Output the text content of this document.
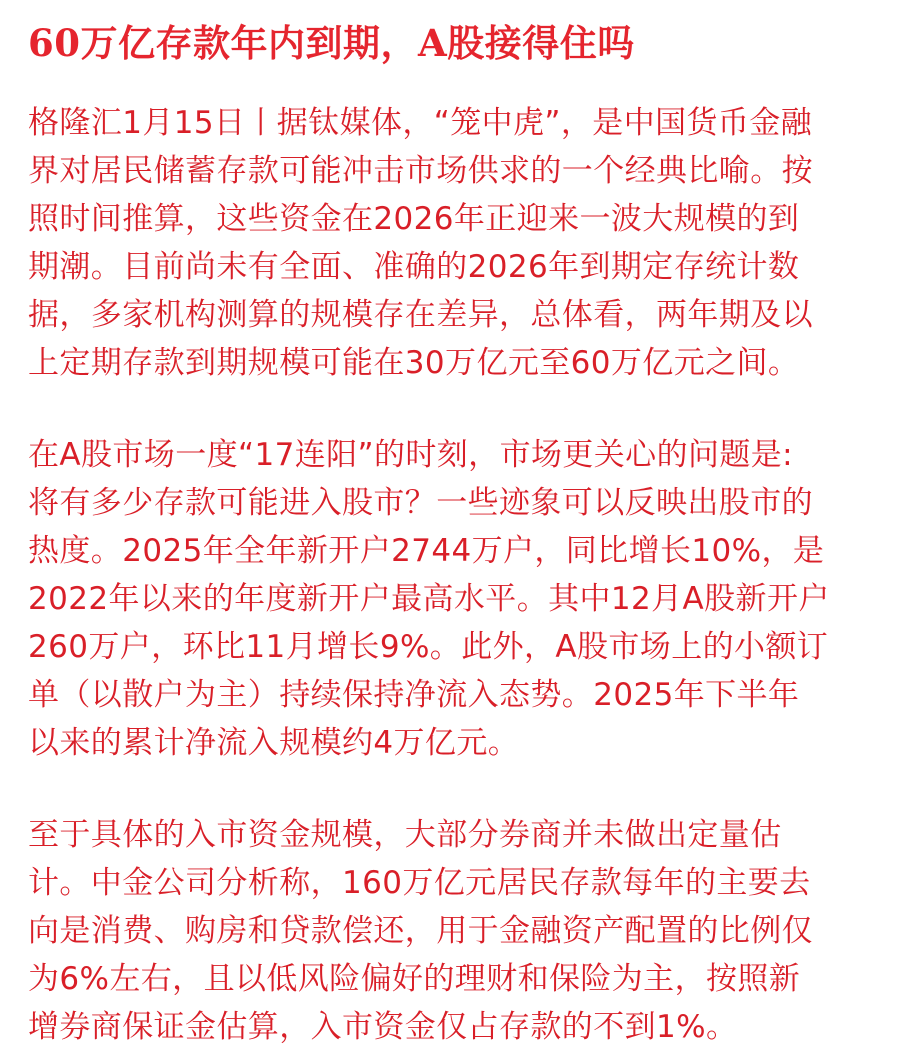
60万亿存款年内到期，A股接得住吗

格隆汇1月15日丨据钛媒体，“笼中虎”，是中国货币金融
界对居民储蓄存款可能冲击市场供求的一个经典比喻。按
照时间推算，这些资金在2026年正迎来一波大规模的到
期潮。目前尚未有全面、准确的2026年到期定存统计数
据，多家机构测算的规模存在差异，总体看，两年期及以
上定期存款到期规模可能在30万亿元至60万亿元之间。

在A股市场一度“17连阳”的时刻，市场更关心的问题是:
将有多少存款可能进入股市？一些迹象可以反映出股市的
热度。2025年全年新开户2744万户，同比增长10%，是
2022年以来的年度新开户最高水平。其中12月A股新开户
260万户，环比11月增长9%。此外，A股市场上的小额订
单（以散户为主）持续保持净流入态势。2025年下半年
以来的累计净流入规模约4万亿元。

至于具体的入市资金规模，大部分券商并未做出定量估
计。中金公司分析称，160万亿元居民存款每年的主要去
向是消费、购房和贷款偿还，用于金融资产配置的比例仅
为6%左右，且以低风险偏好的理财和保险为主，按照新
增券商保证金估算，入市资金仅占存款的不到1%。
